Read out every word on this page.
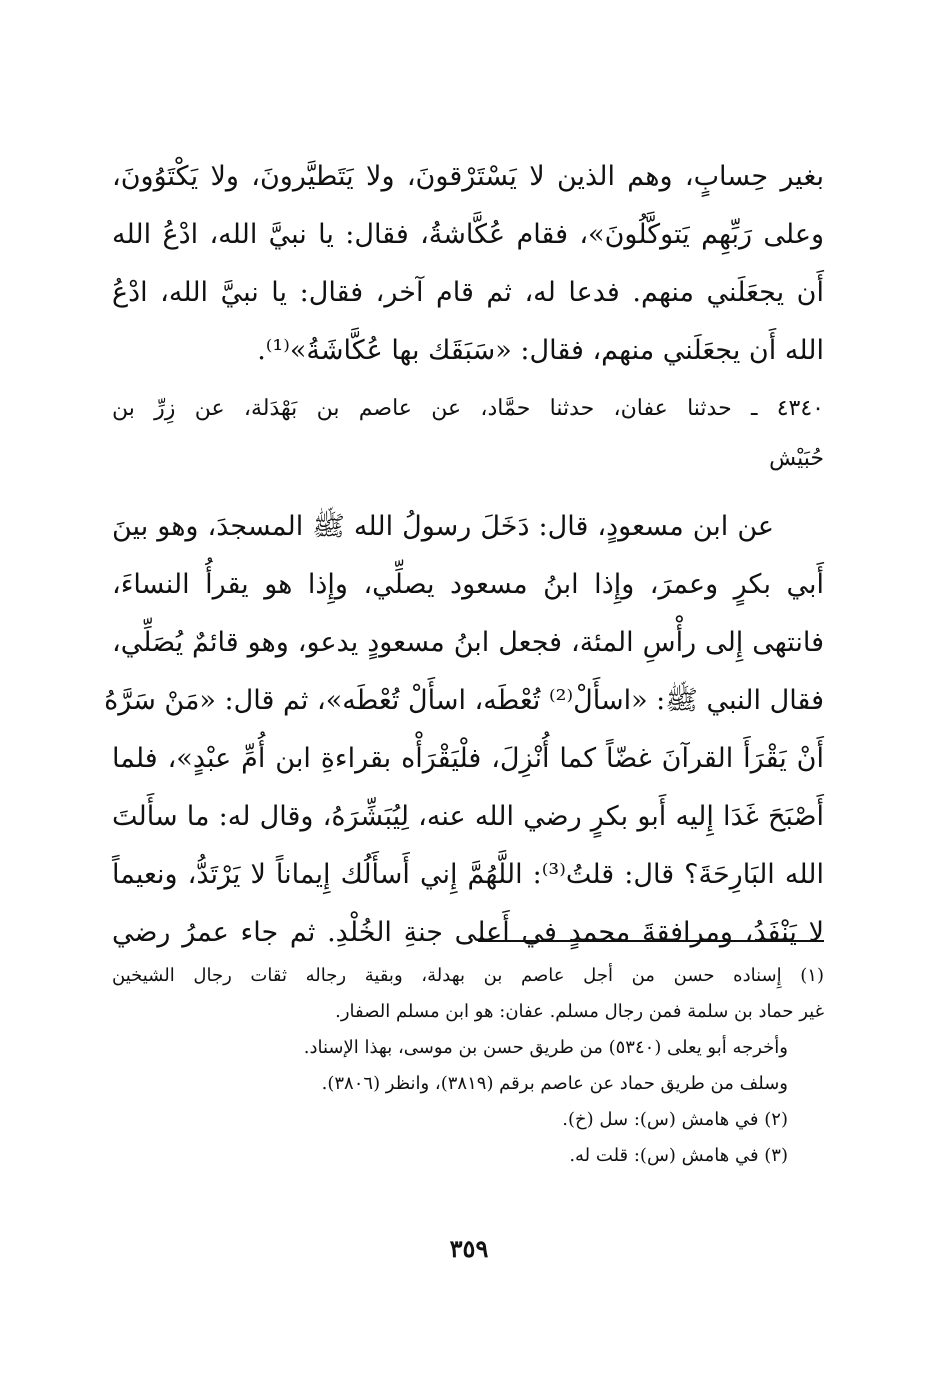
بغير حِسابٍ، وهم الذين لا يَسْتَرْقونَ، ولا يَتَطيَّرونَ، ولا يَكْتَوُونَ،
وعلى رَبِّهِم يَتوكَّلُونَ»، فقام عُكَّاشةُ، فقال: يا نبيَّ الله، ادْعُ الله
أَن يجعَلَني منهم. فدعا له، ثم قام آخر، فقال: يا نبيَّ الله، ادْعُ
الله أَن يجعَلَني منهم، فقال: «سَبَقَك بها عُكَّاشَةُ»⁽¹⁾.
٤٣٤٠ ـ حدثنا عفان، حدثنا حمَّاد، عن عاصم بن بَهْدَلة، عن زِرِّ بن
حُبَيْش
عن ابن مسعودٍ، قال: دَخَلَ رسولُ الله ﷺ المسجدَ، وهو بينَ
أَبي بكرٍ وعمرَ، وإِذا ابنُ مسعود يصلِّي، وإِذا هو يقرأُ النساءَ،
فانتهى إِلى رأْسِ المئة، فجعل ابنُ مسعودٍ يدعو، وهو قائمٌ يُصَلِّي،
فقال النبي ﷺ: «اسأَلْ⁽²⁾ تُعْطَه، اسأَلْ تُعْطَه»، ثم قال: «مَنْ سَرَّهُ
أَنْ يَقْرَأَ القرآنَ غضّاً كما أُنْزِلَ، فلْيَقْرَأْه بقراءةِ ابن أُمِّ عبْدٍ»، فلما
أَصْبَحَ غَدَا إِليه أَبو بكرٍ رضي الله عنه، لِيُبَشِّرَهُ، وقال له: ما سأَلتَ
الله البَارِحَةَ؟ قال: قلتُ⁽³⁾: اللَّهُمَّ إِني أَسأَلُك إِيماناً لا يَرْتَدُّ، ونعيماً
لا يَنْفَدُ، ومرافقةَ محمدٍ في أَعلى جنةِ الخُلْدِ. ثم جاء عمرُ رضي
(١) إِسناده حسن من أجل عاصم بن بهدلة، وبقية رجاله ثقات رجال الشيخين
غير حماد بن سلمة فمن رجال مسلم. عفان: هو ابن مسلم الصفار.
وأخرجه أبو يعلى (٥٣٤٠) من طريق حسن بن موسى، بهذا الإسناد.
وسلف من طريق حماد عن عاصم برقم (٣٨١٩)، وانظر (٣٨٠٦).
(٢) في هامش (س): سل (خ).
(٣) في هامش (س): قلت له.
٣٥٩
